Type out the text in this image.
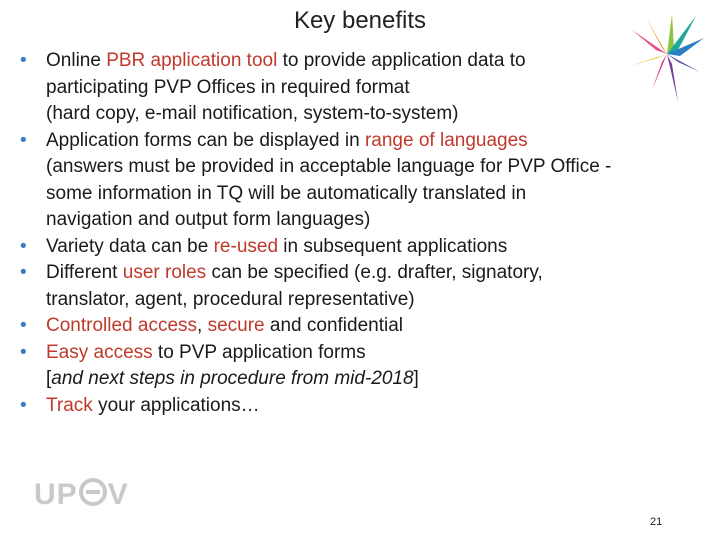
Key benefits
• Online PBR application tool to provide application data to
participating PVP Offices in required format
(hard copy, e-mail notification, system-to-system)
• Application forms can be displayed in range of languages
(answers must be provided in acceptable language for PVP Office -
some information in TQ will be automatically translated in
navigation and output form languages)
• Variety data can be re-used in subsequent applications
• Different user roles can be specified (e.g. drafter, signatory,
translator, agent, procedural representative)
• Controlled access, secure and confidential
• Easy access to PVP application forms
[and next steps in procedure from mid-2018]
• Track your applications…
UP V
21
